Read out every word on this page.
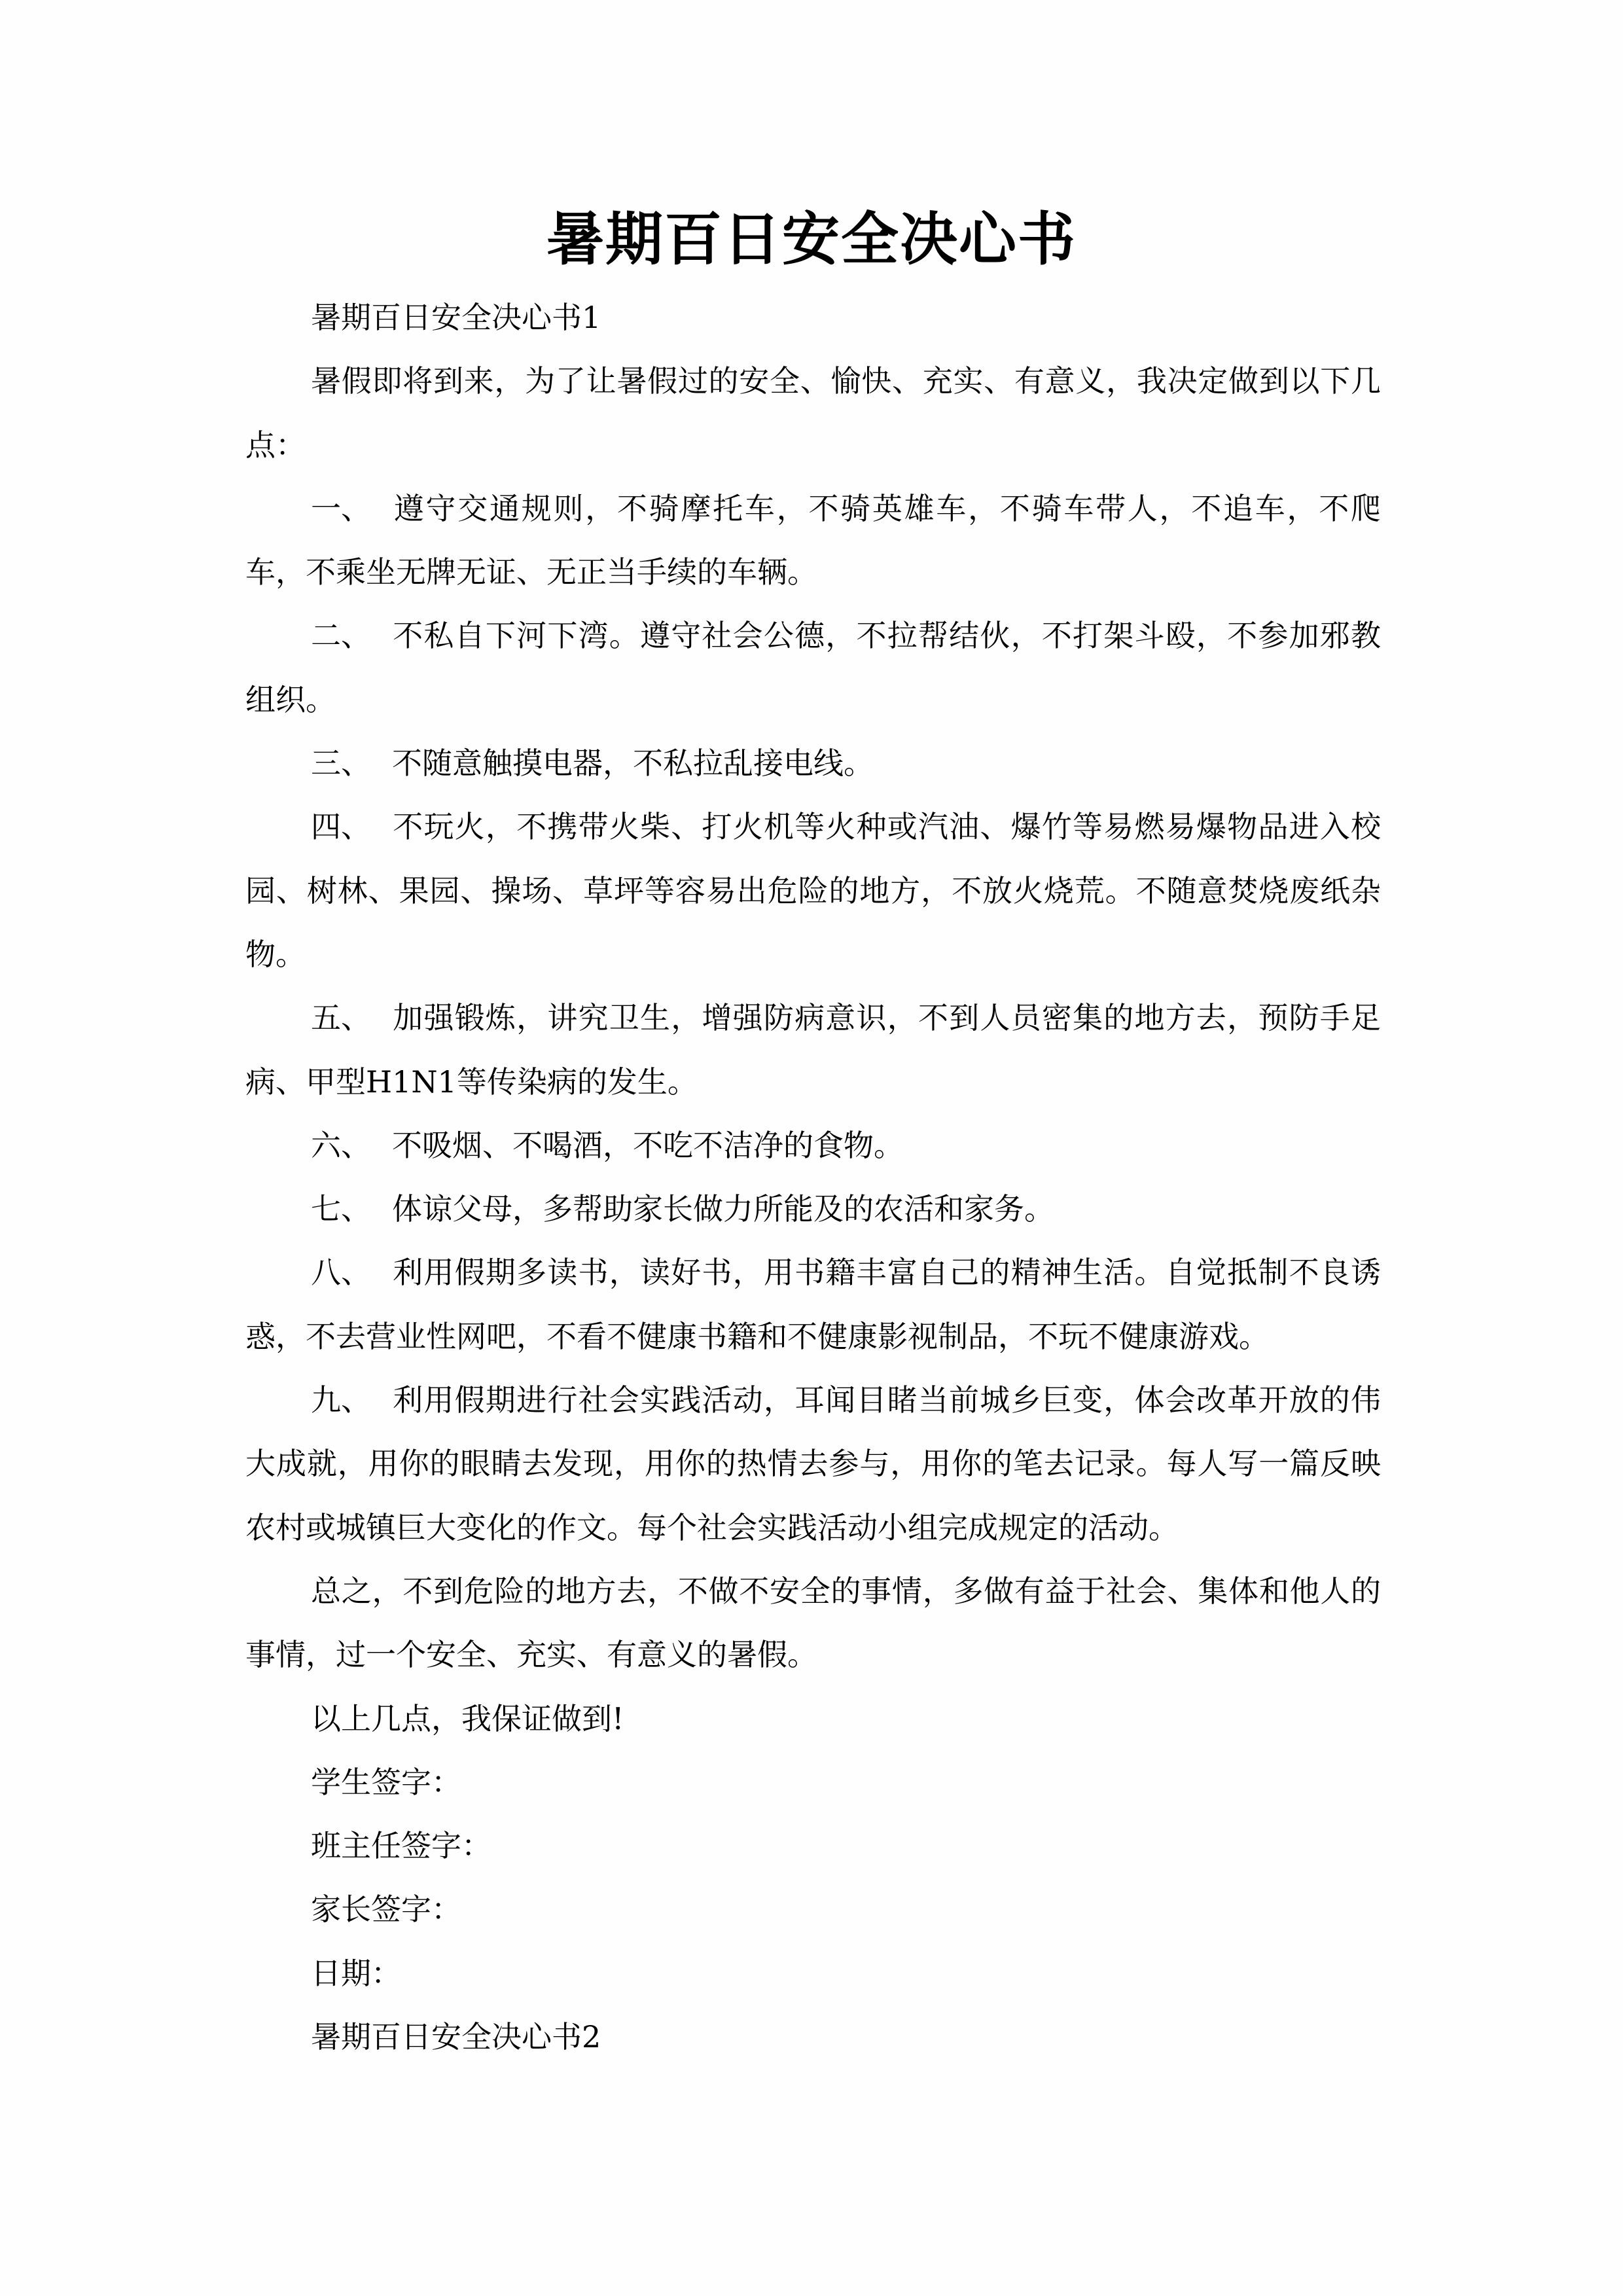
暑期百日安全决心书

暑期百日安全决心书1

暑假即将到来，为了让暑假过的安全、愉快、充实、有意义，我决定做到以下几点：

一、 遵守交通规则，不骑摩托车，不骑英雄车，不骑车带人，不追车，不爬车，不乘坐无牌无证、无正当手续的车辆。

二、 不私自下河下湾。遵守社会公德，不拉帮结伙，不打架斗殴，不参加邪教组织。

三、 不随意触摸电器，不私拉乱接电线。

四、 不玩火，不携带火柴、打火机等火种或汽油、爆竹等易燃易爆物品进入校园、树林、果园、操场、草坪等容易出危险的地方，不放火烧荒。不随意焚烧废纸杂物。

五、 加强锻炼，讲究卫生，增强防病意识，不到人员密集的地方去，预防手足病、甲型H1N1等传染病的发生。

六、 不吸烟、不喝酒，不吃不洁净的食物。

七、 体谅父母，多帮助家长做力所能及的农活和家务。

八、 利用假期多读书，读好书，用书籍丰富自己的精神生活。自觉抵制不良诱惑，不去营业性网吧，不看不健康书籍和不健康影视制品，不玩不健康游戏。

九、 利用假期进行社会实践活动，耳闻目睹当前城乡巨变，体会改革开放的伟大成就，用你的眼睛去发现，用你的热情去参与，用你的笔去记录。每人写一篇反映农村或城镇巨大变化的作文。每个社会实践活动小组完成规定的活动。

总之，不到危险的地方去，不做不安全的事情，多做有益于社会、集体和他人的事情，过一个安全、充实、有意义的暑假。

以上几点，我保证做到!

学生签字：

班主任签字：

家长签字：

日期：

暑期百日安全决心书2
